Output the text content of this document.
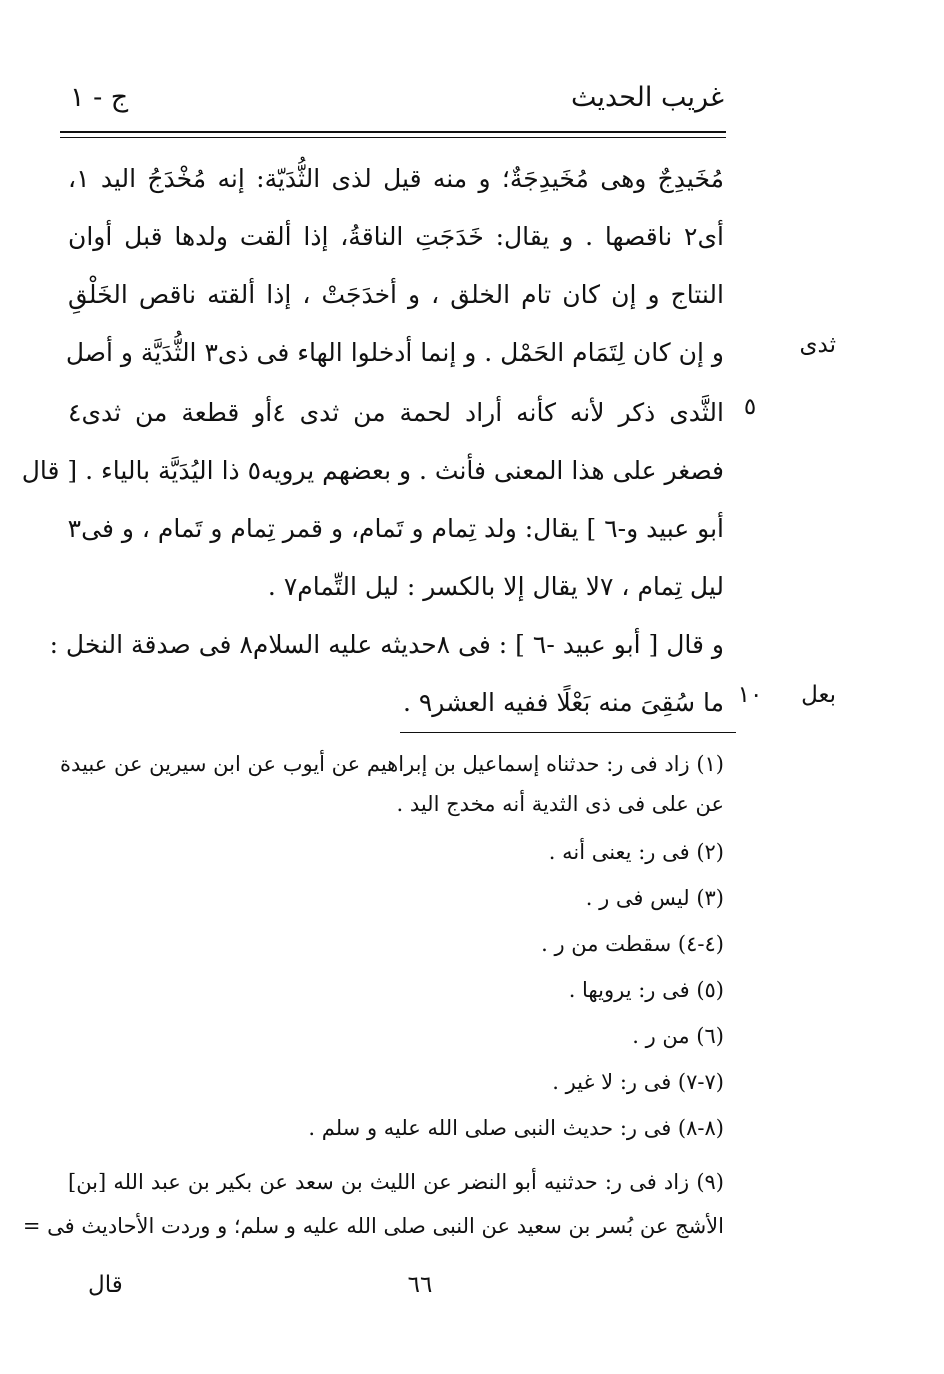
غريب الحديث
ج - ١
مُخَيدِجٌ وهى مُخَيدِجَةٌ؛ و منه قيل لذى الثُّدَيّة: إنه مُخْدَجُ اليد ١،
أى٢ ناقصها . و يقال: خَدَجَتِ الناقةُ، إذا ألقت ولدها قبل أوان
النتاج و إن كان تام الخلق ، و أخدَجَتْ ، إذا ألقته ناقص الخَلْقِ
و إن كان لِتَمَام الحَمْل . و إنما أدخلوا الهاء فى ذى٣ الثُّدَيَّة و أصل
الثَّدى ذكر لأنه كأنه أراد لحمة من ثدى ٤أو قطعة من ثدى٤
فصغر على هذا المعنى فأنث . و بعضهم يرويه٥ ذا اليُدَيَّة بالياء . [ قال
أبو عبيد و-٦ ] يقال: ولد تِمام و تَمام، و قمر تِمام و تَمام ، و فى٣
ليل تِمام ، ٧لا يقال إلا بالكسر : ليل التِّمام٧ .
و قال [ أبو عبيد -٦ ] : فى ٨حديثه عليه السلام٨ فى صدقة النخل :
ما سُقِىَ منه بَعْلًا ففيه العشر٩ .
ثدى
بعل
٥
١٠
(١) زاد فى ر: حدثناه إسماعيل بن إبراهيم عن أيوب عن ابن سيرين عن عبيدة
عن على فى ذى الثدية أنه مخدج اليد .
(٢) فى ر: يعنى أنه .
(٣) ليس فى ر .
(٤-٤) سقطت من ر .
(٥) فى ر: يرويها .
(٦) من ر .
(٧-٧) فى ر: لا غير .
(٨-٨) فى ر: حديث النبى صلى الله عليه و سلم .
(٩) زاد فى ر: حدثنيه أبو النضر عن الليث بن سعد عن بكير بن عبد الله [بن]
الأشج عن بُسر بن سعيد عن النبى صلى الله عليه و سلم؛ و وردت الأحاديث فى =
٦٦
قال
